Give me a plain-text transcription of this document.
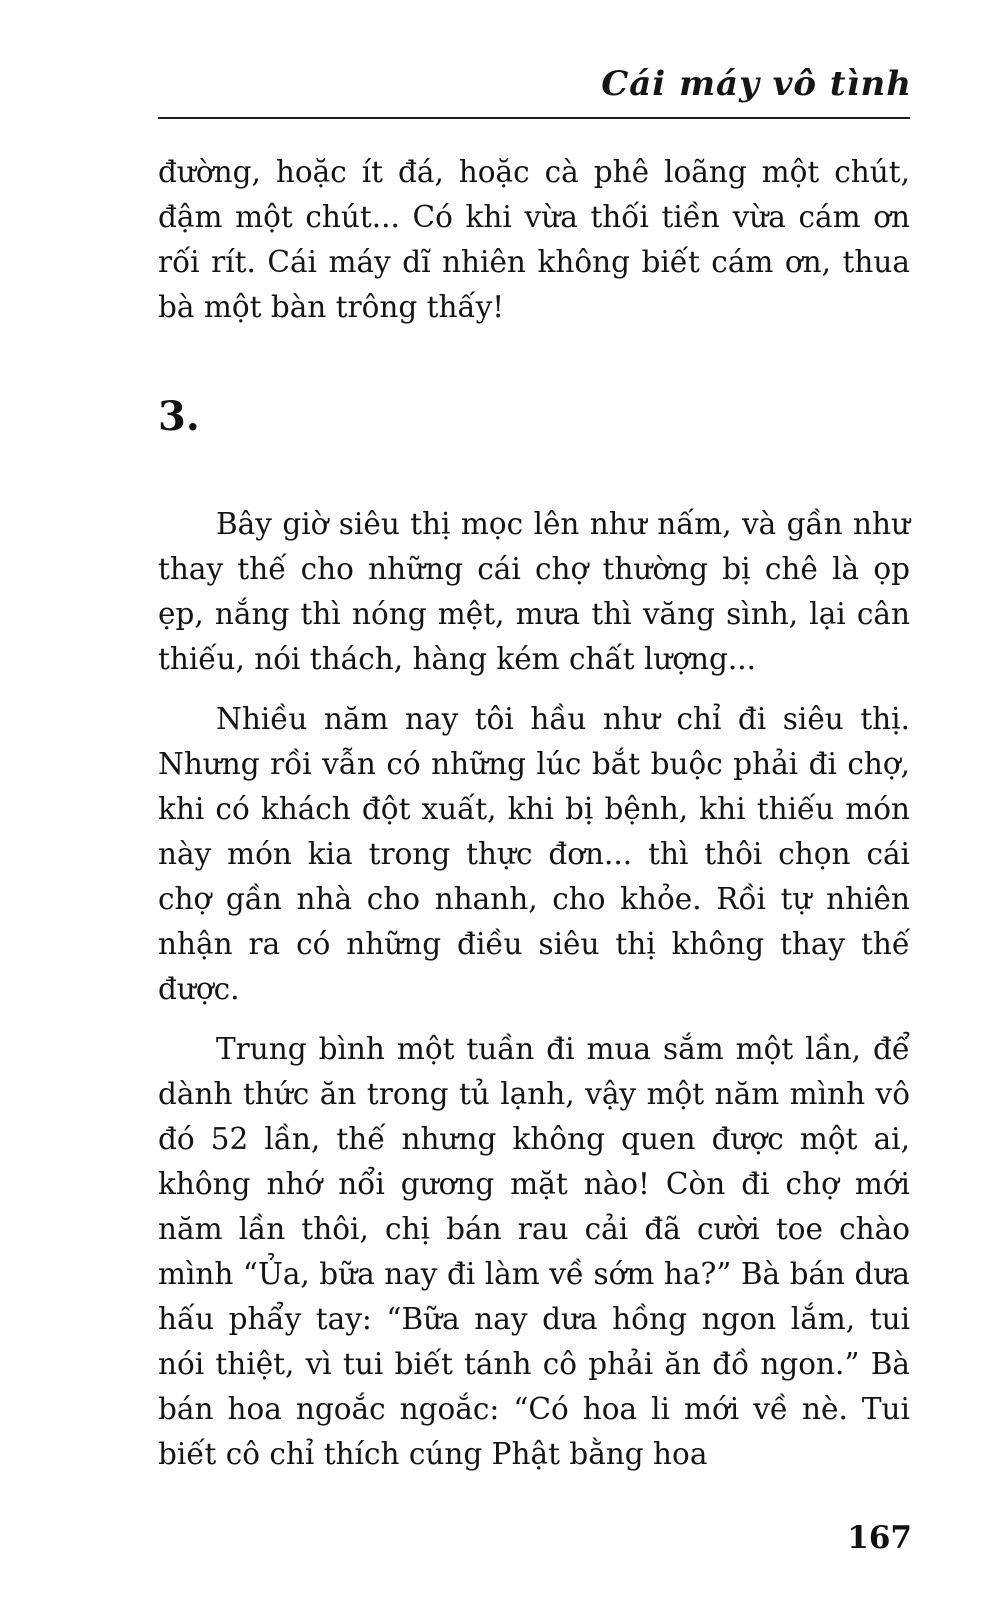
Cái máy vô tình

đường, hoặc ít đá, hoặc cà phê loãng một chút, đậm một chút... Có khi vừa thối tiền vừa cám ơn rối rít. Cái máy dĩ nhiên không biết cám ơn, thua bà một bàn trông thấy!

3.

Bây giờ siêu thị mọc lên như nấm, và gần như thay thế cho những cái chợ thường bị chê là ọp ẹp, nắng thì nóng mệt, mưa thì văng sình, lại cân thiếu, nói thách, hàng kém chất lượng...

Nhiều năm nay tôi hầu như chỉ đi siêu thị. Nhưng rồi vẫn có những lúc bắt buộc phải đi chợ, khi có khách đột xuất, khi bị bệnh, khi thiếu món này món kia trong thực đơn... thì thôi chọn cái chợ gần nhà cho nhanh, cho khỏe. Rồi tự nhiên nhận ra có những điều siêu thị không thay thế được.

Trung bình một tuần đi mua sắm một lần, để dành thức ăn trong tủ lạnh, vậy một năm mình vô đó 52 lần, thế nhưng không quen được một ai, không nhớ nổi gương mặt nào! Còn đi chợ mới năm lần thôi, chị bán rau cải đã cười toe chào mình “Ủa, bữa nay đi làm về sớm ha?” Bà bán dưa hấu phẩy tay: “Bữa nay dưa hồng ngon lắm, tui nói thiệt, vì tui biết tánh cô phải ăn đồ ngon.” Bà bán hoa ngoắc ngoắc: “Có hoa li mới về nè. Tui biết cô chỉ thích cúng Phật bằng hoa

167
